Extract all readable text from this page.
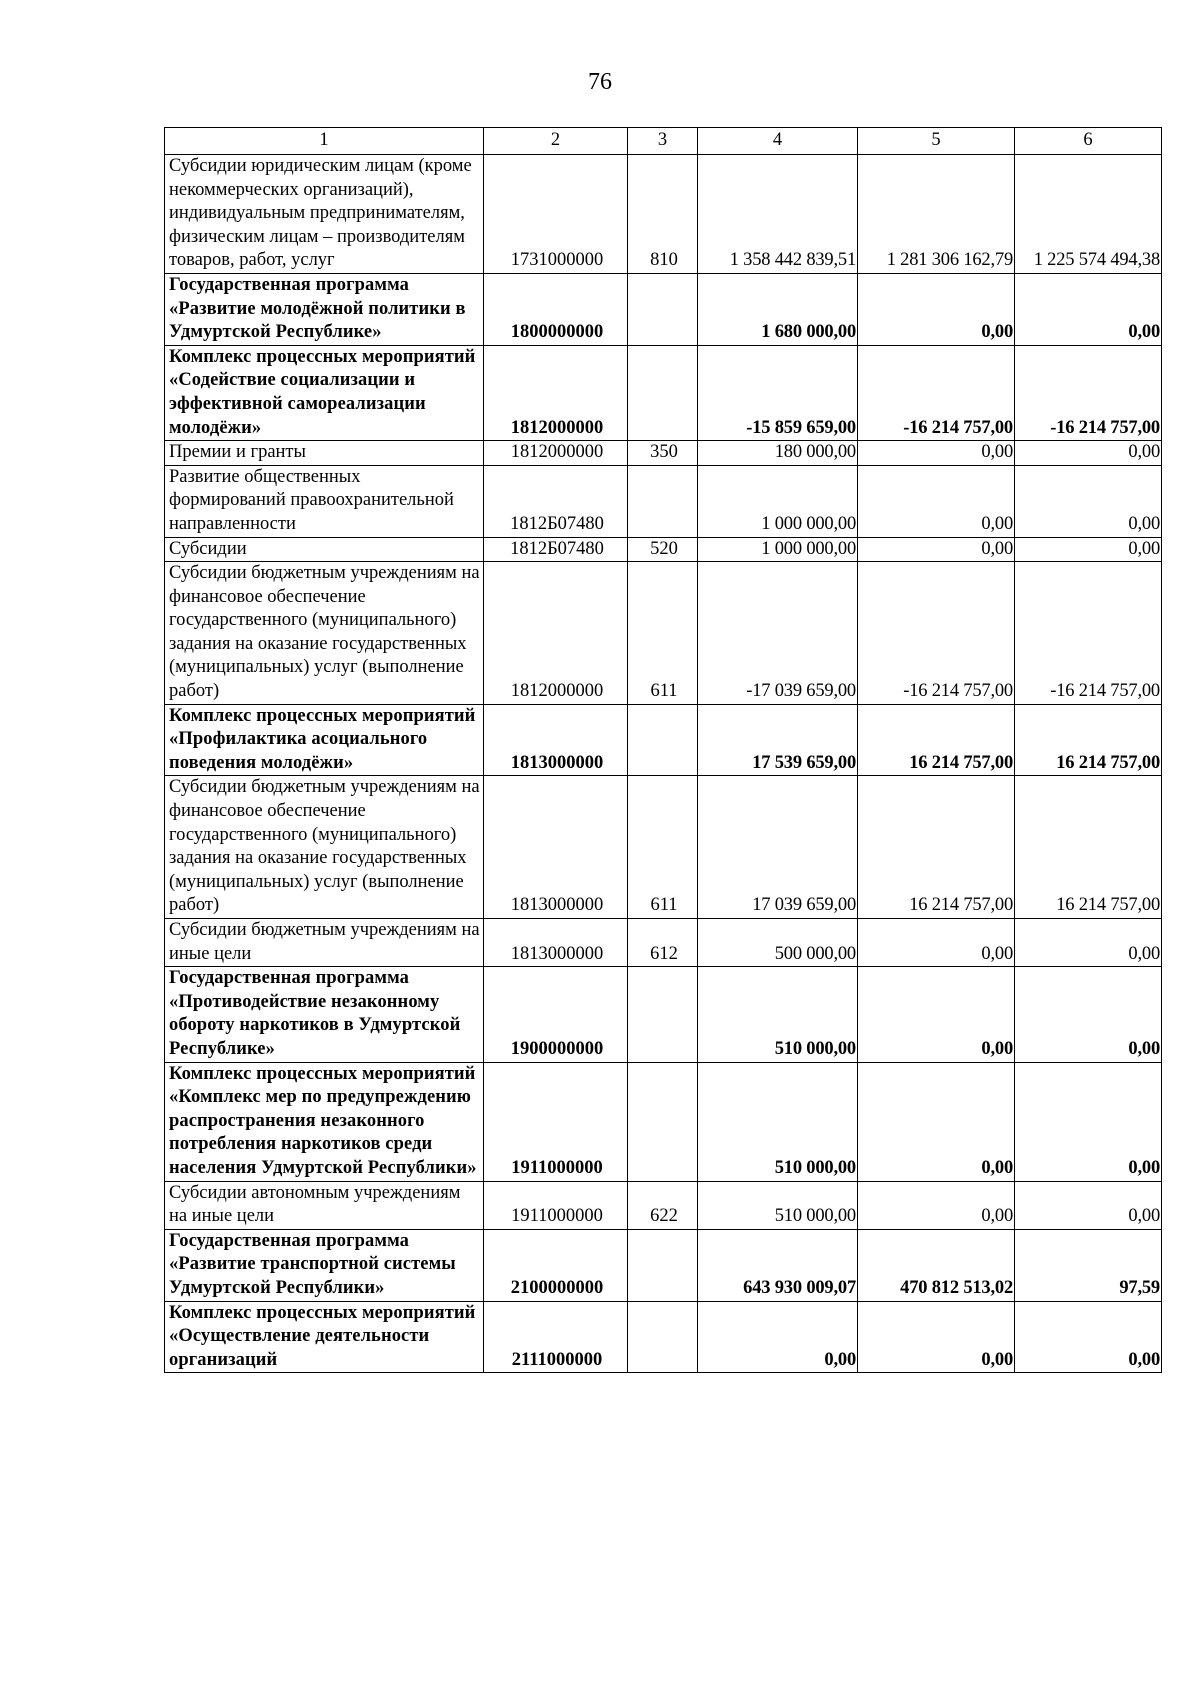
76
1	2	3	4	5	6
Субсидии юридическим лицам (кроме некоммерческих организаций), индивидуальным предпринимателям, физическим лицам – производителям товаров, работ, услуг	1731000000	810	1 358 442 839,51	1 281 306 162,79	1 225 574 494,38
Государственная программа «Развитие молодёжной политики в Удмуртской Республике»	1800000000		1 680 000,00	0,00	0,00
Комплекс процессных мероприятий «Содействие социализации и эффективной самореализации молодёжи»	1812000000		-15 859 659,00	-16 214 757,00	-16 214 757,00
Премии и гранты	1812000000	350	180 000,00	0,00	0,00
Развитие общественных формирований правоохранительной направленности	1812Б07480		1 000 000,00	0,00	0,00
Субсидии	1812Б07480	520	1 000 000,00	0,00	0,00
Субсидии бюджетным учреждениям на финансовое обеспечение государственного (муниципального) задания на оказание государственных (муниципальных) услуг (выполнение работ)	1812000000	611	-17 039 659,00	-16 214 757,00	-16 214 757,00
Комплекс процессных мероприятий «Профилактика асоциального поведения молодёжи»	1813000000		17 539 659,00	16 214 757,00	16 214 757,00
Субсидии бюджетным учреждениям на финансовое обеспечение государственного (муниципального) задания на оказание государственных (муниципальных) услуг (выполнение работ)	1813000000	611	17 039 659,00	16 214 757,00	16 214 757,00
Субсидии бюджетным учреждениям на иные цели	1813000000	612	500 000,00	0,00	0,00
Государственная программа «Противодействие незаконному обороту наркотиков в Удмуртской Республике»	1900000000		510 000,00	0,00	0,00
Комплекс процессных мероприятий «Комплекс мер по предупреждению распространения незаконного потребления наркотиков среди населения Удмуртской Республики»	1911000000		510 000,00	0,00	0,00
Субсидии автономным учреждениям на иные цели	1911000000	622	510 000,00	0,00	0,00
Государственная программа «Развитие транспортной системы Удмуртской Республики»	2100000000		643 930 009,07	470 812 513,02	97,59
Комплекс процессных мероприятий «Осуществление деятельности организаций	2111000000		0,00	0,00	0,00
